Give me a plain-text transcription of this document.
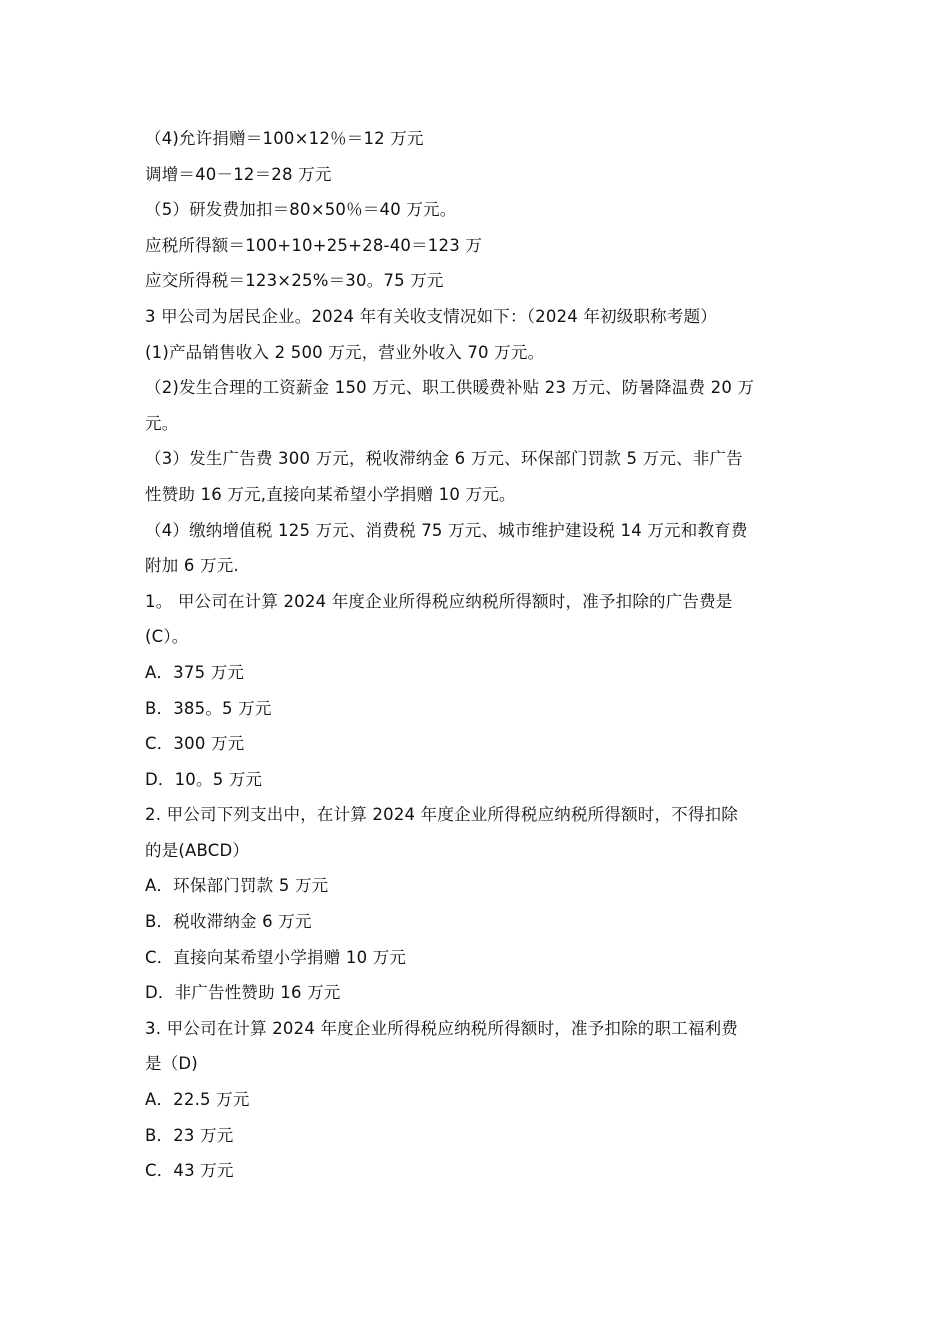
（4)允许捐赠＝100×12％＝12 万元
调增＝40－12＝28 万元
（5）研发费加扣＝80×50％＝40 万元。
应税所得额＝100+10+25+28-40＝123 万
应交所得税＝123×25%＝30。75 万元
3 甲公司为居民企业。2024 年有关收支情况如下：（2024 年初级职称考题）
(1)产品销售收入 2 500 万元，营业外收入 70 万元。
（2)发生合理的工资薪金 150 万元、职工供暖费补贴 23 万元、防暑降温费 20 万
元。
（3）发生广告费 300 万元，税收滞纳金 6 万元、环保部门罚款 5 万元、非广告
性赞助 16 万元,直接向某希望小学捐赠 10 万元。
（4）缴纳增值税 125 万元、消费税 75 万元、城市维护建设税 14 万元和教育费
附加 6 万元.
1。 甲公司在计算 2024 年度企业所得税应纳税所得额时，准予扣除的广告费是
(C）。
A．375 万元
B．385。5 万元
C．300 万元
D．10。5 万元
2. 甲公司下列支出中，在计算 2024 年度企业所得税应纳税所得额时，不得扣除
的是(ABCD）
A．环保部门罚款 5 万元
B．税收滞纳金 6 万元
C．直接向某希望小学捐赠 10 万元
D．非广告性赞助 16 万元
3. 甲公司在计算 2024 年度企业所得税应纳税所得额时，准予扣除的职工福利费
是（D)
A．22.5 万元
B．23 万元
C．43 万元
